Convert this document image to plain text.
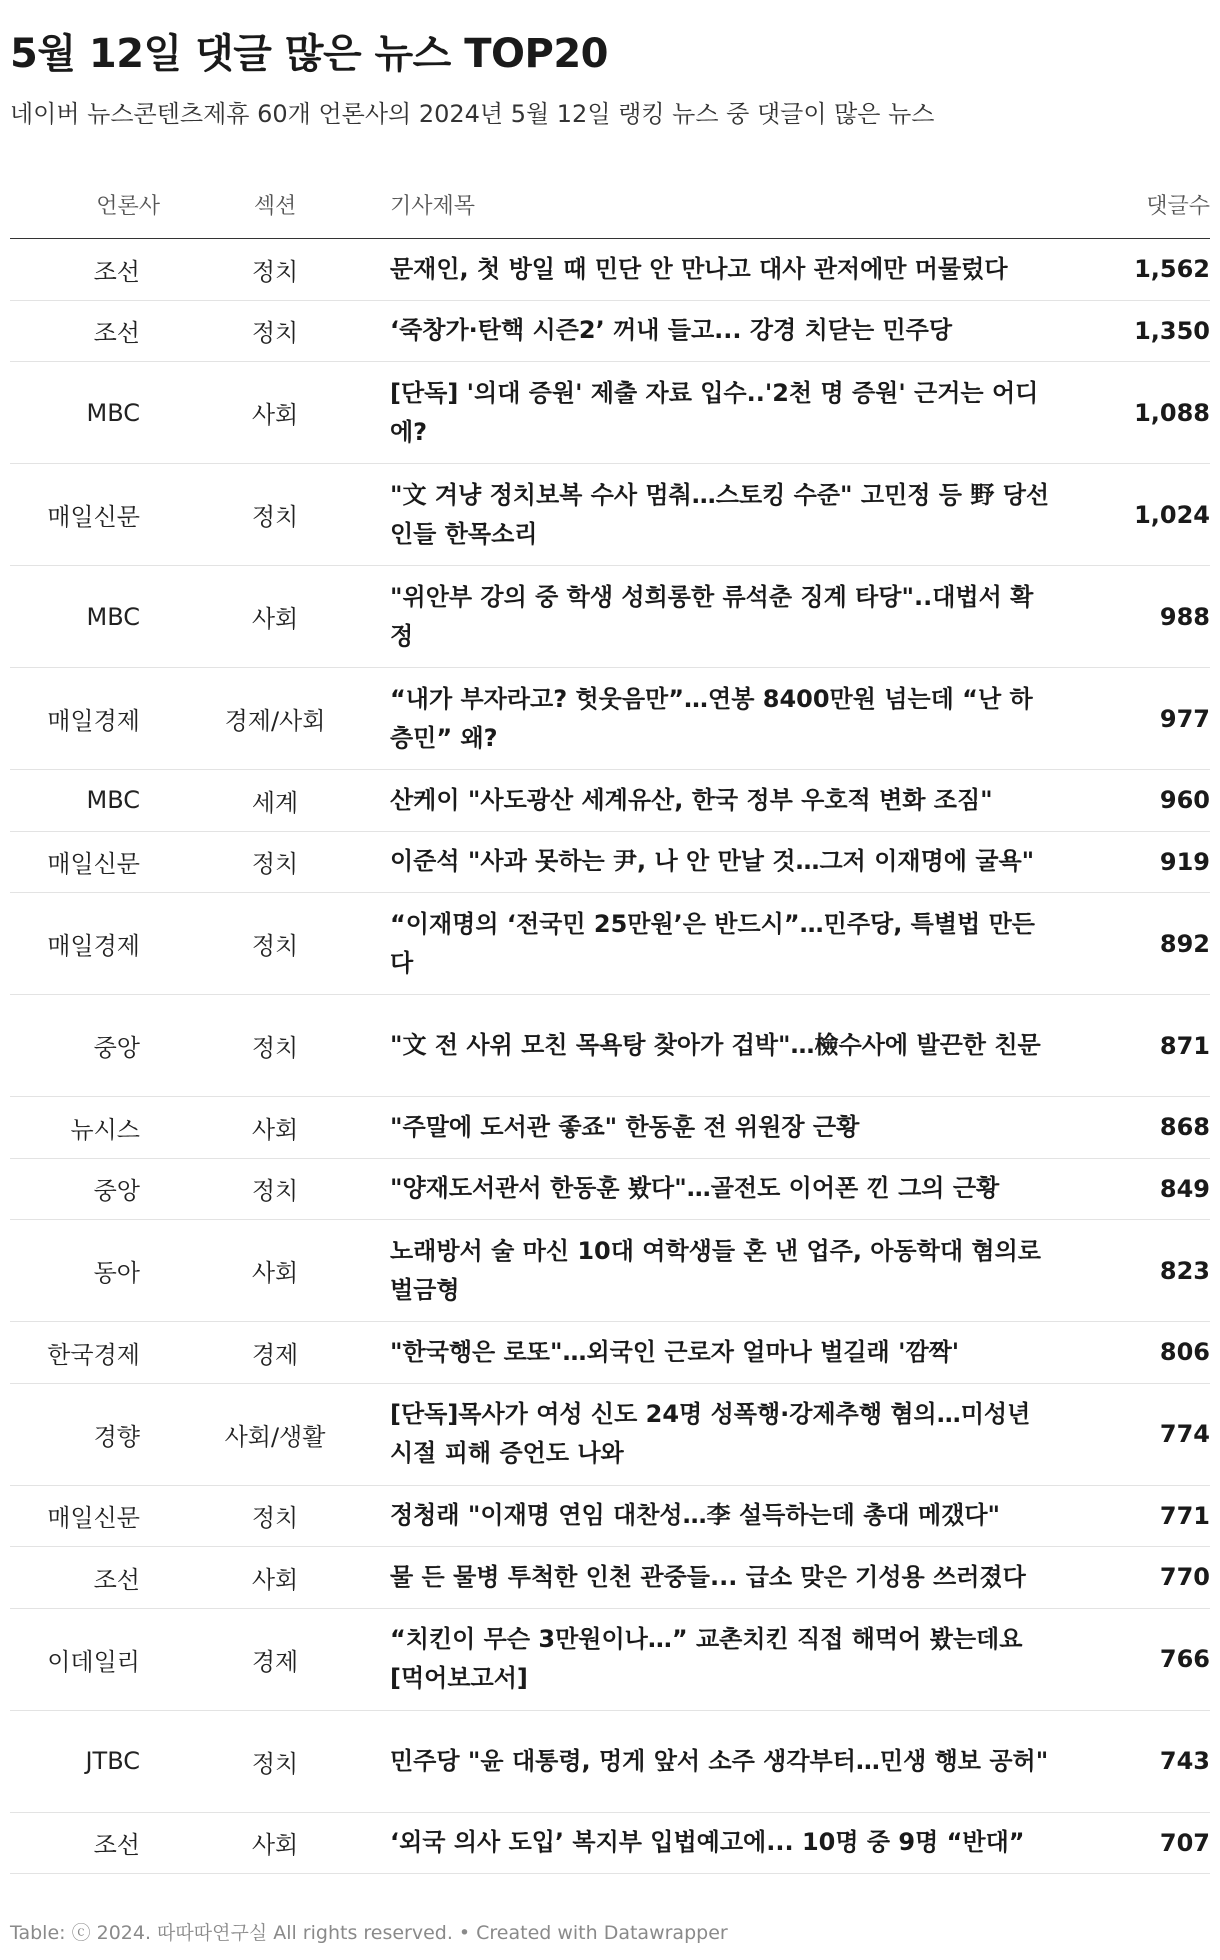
5월 12일 댓글 많은 뉴스 TOP20
네이버 뉴스콘텐츠제휴 60개 언론사의 2024년 5월 12일 랭킹 뉴스 중 댓글이 많은 뉴스
언론사	섹션	기사제목	댓글수
조선	정치	문재인, 첫 방일 때 민단 안 만나고 대사 관저에만 머물렀다	1,562
조선	정치	‘죽창가·탄핵 시즌2’ 꺼내 들고... 강경 치닫는 민주당	1,350
MBC	사회	[단독] '의대 증원' 제출 자료 입수..'2천 명 증원' 근거는 어디에?	1,088
매일신문	정치	"文 겨냥 정치보복 수사 멈춰…스토킹 수준" 고민정 등 野 당선인들 한목소리	1,024
MBC	사회	"위안부 강의 중 학생 성희롱한 류석춘 징계 타당"..대법서 확정	988
매일경제	경제/사회	“내가 부자라고? 헛웃음만”…연봉 8400만원 넘는데 “난 하층민” 왜?	977
MBC	세계	산케이 "사도광산 세계유산, 한국 정부 우호적 변화 조짐"	960
매일신문	정치	이준석 "사과 못하는 尹, 나 안 만날 것…그저 이재명에 굴욕"	919
매일경제	정치	“이재명의 ‘전국민 25만원’은 반드시”…민주당, 특별법 만든다	892
중앙	정치	"文 전 사위 모친 목욕탕 찾아가 겁박"…檢수사에 발끈한 친문	871
뉴시스	사회	"주말에 도서관 좋죠" 한동훈 전 위원장 근황	868
중앙	정치	"양재도서관서 한동훈 봤다"…골전도 이어폰 낀 그의 근황	849
동아	사회	노래방서 술 마신 10대 여학생들 혼 낸 업주, 아동학대 혐의로 벌금형	823
한국경제	경제	"한국행은 로또"…외국인 근로자 얼마나 벌길래 '깜짝'	806
경향	사회/생활	[단독]목사가 여성 신도 24명 성폭행·강제추행 혐의…미성년 시절 피해 증언도 나와	774
매일신문	정치	정청래 "이재명 연임 대찬성…李 설득하는데 총대 메갰다"	771
조선	사회	물 든 물병 투척한 인천 관중들... 급소 맞은 기성용 쓰러졌다	770
이데일리	경제	“치킨이 무슨 3만원이나…” 교촌치킨 직접 해먹어 봤는데요 [먹어보고서]	766
JTBC	정치	민주당 "윤 대통령, 멍게 앞서 소주 생각부터…민생 행보 공허"	743
조선	사회	‘외국 의사 도입’ 복지부 입법예고에... 10명 중 9명 “반대”	707
Table: ⓒ 2024. 따따따연구실 All rights reserved. • Created with Datawrapper
